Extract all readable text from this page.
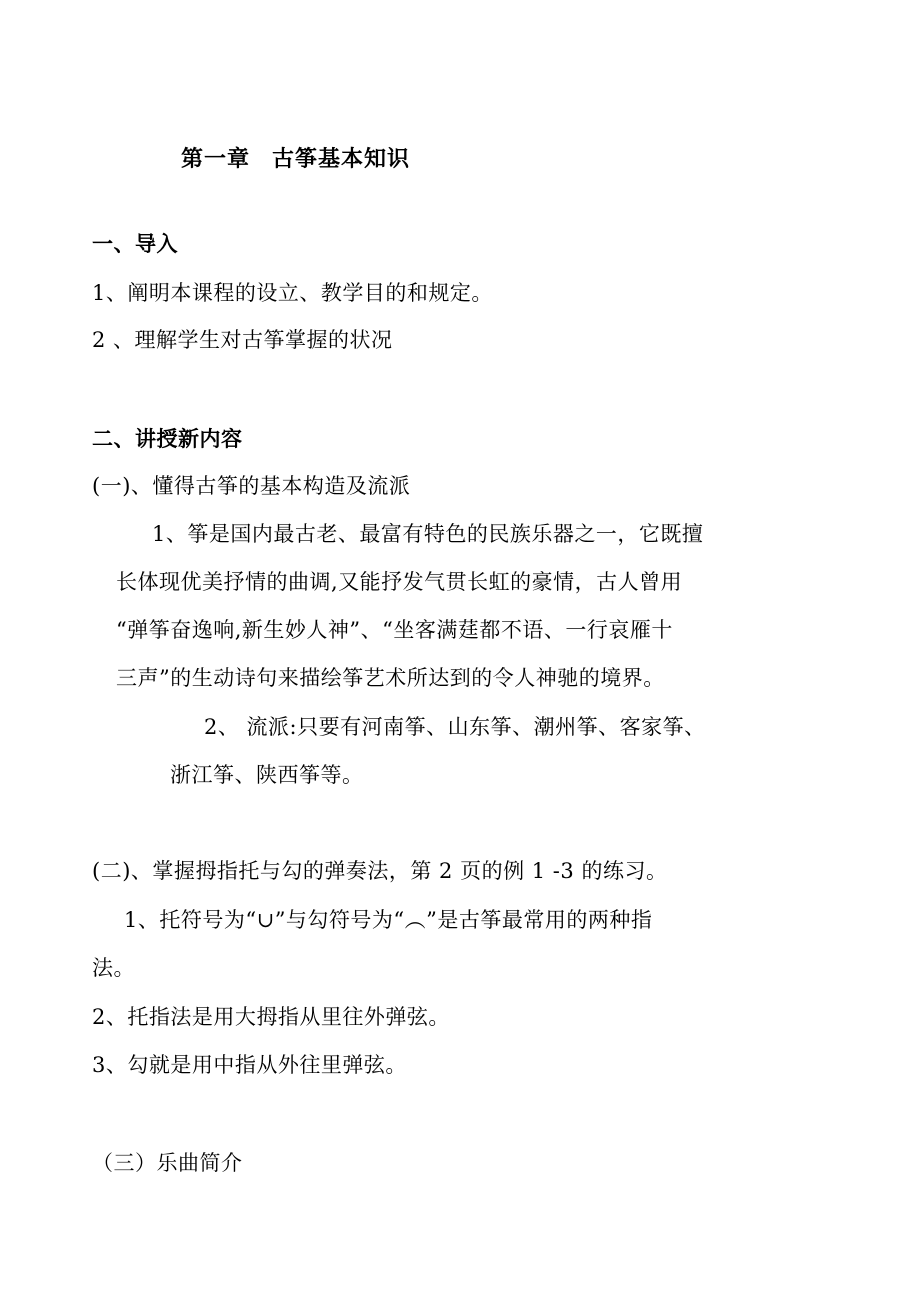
第一章 古筝基本知识
一、导入
1、阐明本课程的设立、教学目的和规定。
2 、理解学生对古筝掌握的状况
二、讲授新内容
(一)、懂得古筝的基本构造及流派
1、筝是国内最古老、最富有特色的民族乐器之一，它既擅
长体现优美抒情的曲调,又能抒发气贯长虹的豪情，古人曾用
“弹筝奋逸响,新生妙人神”、“坐客满莛都不语、一行哀雁十
三声”的生动诗句来描绘筝艺术所达到的令人神驰的境界。
2、 流派:只要有河南筝、山东筝、潮州筝、客家筝、
浙江筝、陕西筝等。
(二)、掌握拇指托与勾的弹奏法，第 2 页的例 1 -3 的练习。
1、托符号为“∪”与勾符号为“︵”是古筝最常用的两种指
法。
2、托指法是用大拇指从里往外弹弦。
3、勾就是用中指从外往里弹弦。
（三）乐曲简介
